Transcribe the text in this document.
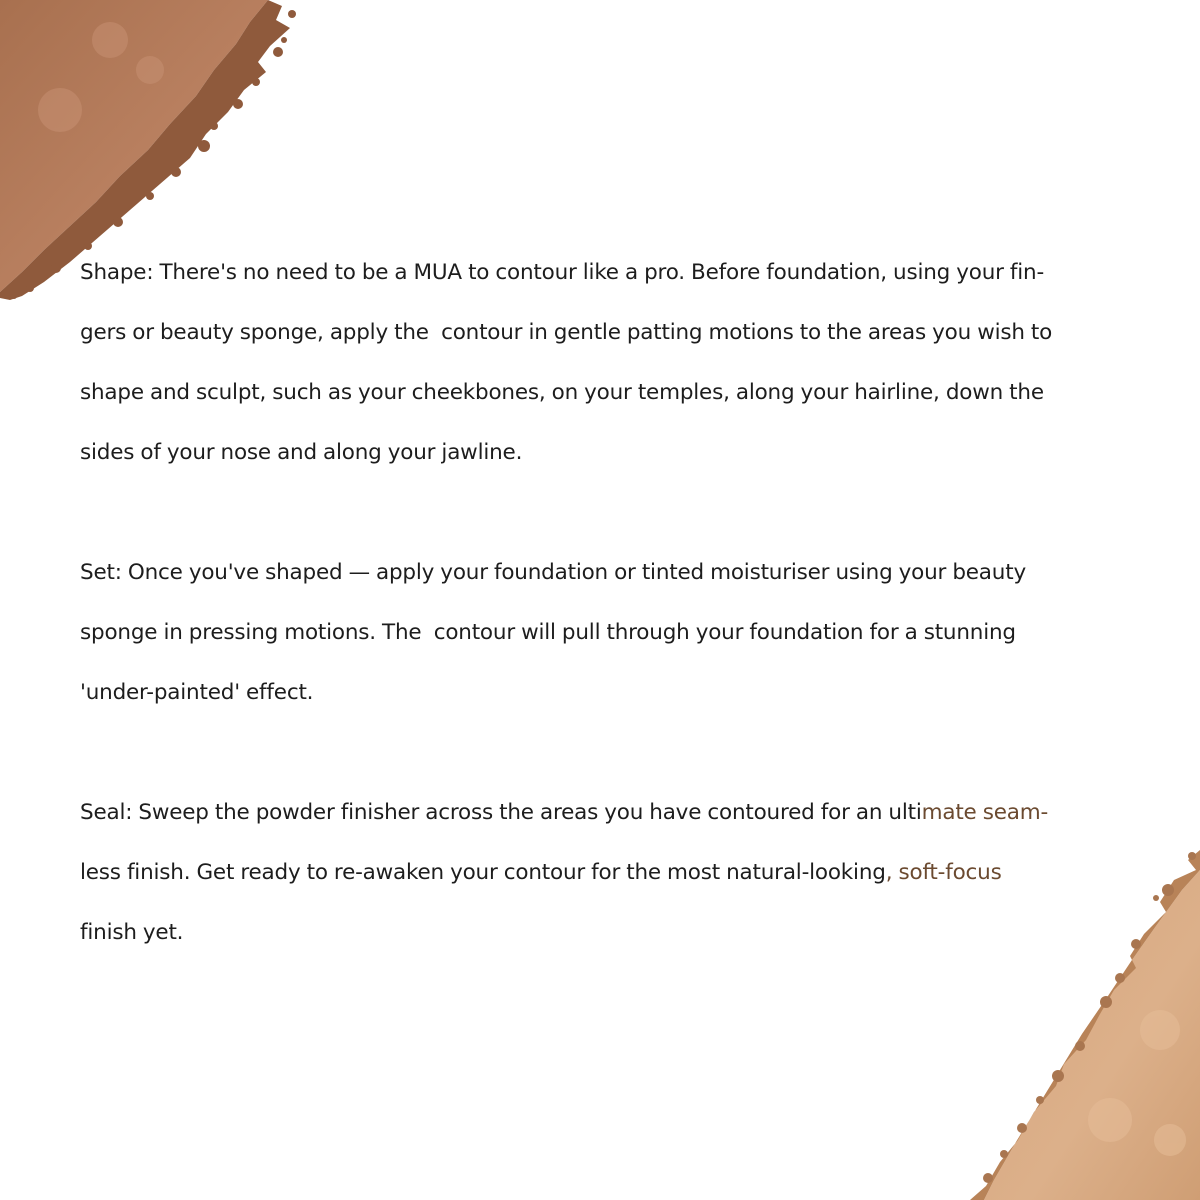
Shape: There's no need to be a MUA to contour like a pro. Before foundation, using your fin-
gers or beauty sponge, apply the  contour in gentle patting motions to the areas you wish to
shape and sculpt, such as your cheekbones, on your temples, along your hairline, down the
sides of your nose and along your jawline.

Set: Once you've shaped — apply your foundation or tinted moisturiser using your beauty
sponge in pressing motions. The  contour will pull through your foundation for a stunning
'under-painted' effect.

Seal: Sweep the powder finisher across the areas you have contoured for an ultimate seam-
less finish. Get ready to re-awaken your contour for the most natural-looking, soft-focus
finish yet.
